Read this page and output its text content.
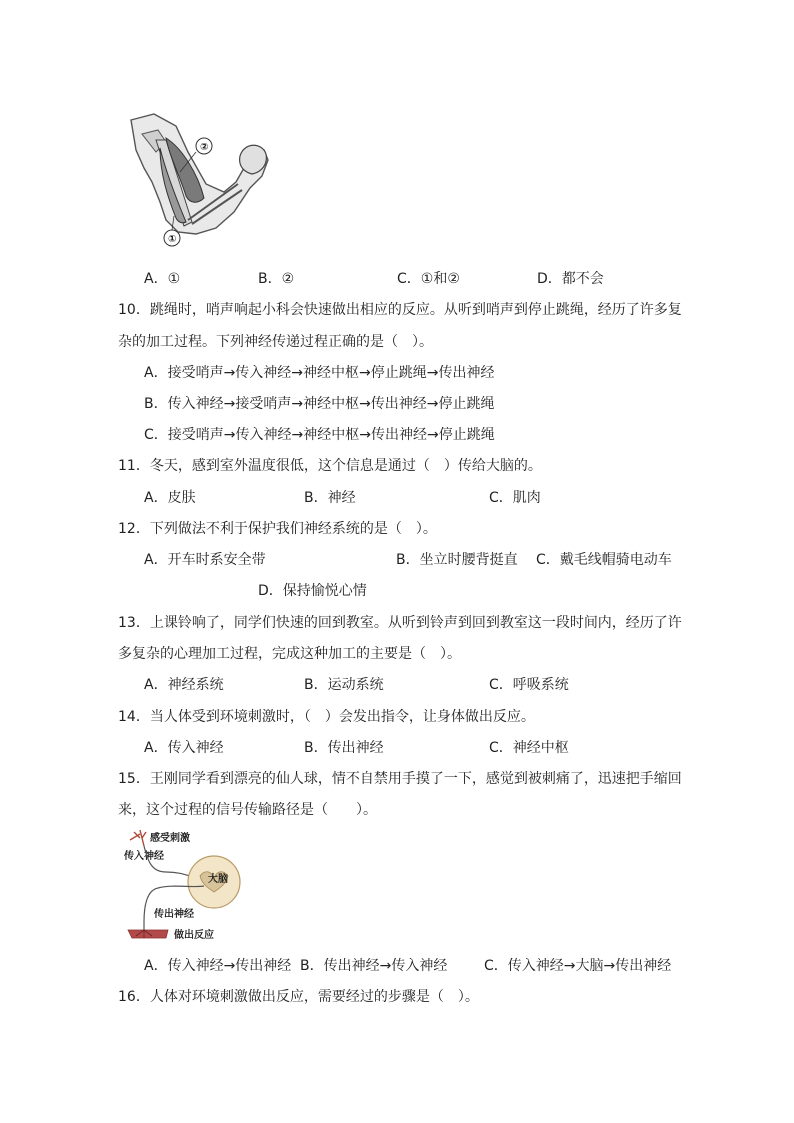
②
①
A．①	B．②	C．①和②	D．都不会
10．跳绳时，哨声响起小科会快速做出相应的反应。从听到哨声到停止跳绳，经历了许多复
杂的加工过程。下列神经传递过程正确的是（　）。
A．接受哨声→传入神经→神经中枢→停止跳绳→传出神经
B．传入神经→接受哨声→神经中枢→传出神经→停止跳绳
C．接受哨声→传入神经→神经中枢→传出神经→停止跳绳
11．冬天，感到室外温度很低，这个信息是通过（　）传给大脑的。
A．皮肤	B．神经	C．肌肉
12．下列做法不利于保护我们神经系统的是（　）。
A．开车时系安全带	B．坐立时腰背挺直 C．戴毛线帽骑电动车
D．保持愉悦心情
13．上课铃响了，同学们快速的回到教室。从听到铃声到回到教室这一段时间内，经历了许
多复杂的心理加工过程，完成这种加工的主要是（　）。
A．神经系统	B．运动系统	C．呼吸系统
14．当人体受到环境刺激时，（　）会发出指令，让身体做出反应。
A．传入神经	B．传出神经	C．神经中枢
15．王刚同学看到漂亮的仙人球，情不自禁用手摸了一下，感觉到被刺痛了，迅速把手缩回
来，这个过程的信号传输路径是（　　）。
感受刺激
传入神经
大脑
传出神经
做出反应
A．传入神经→传出神经 B．传出神经→传入神经	C．传入神经→大脑→传出神经
16．人体对环境刺激做出反应，需要经过的步骤是（　）。
